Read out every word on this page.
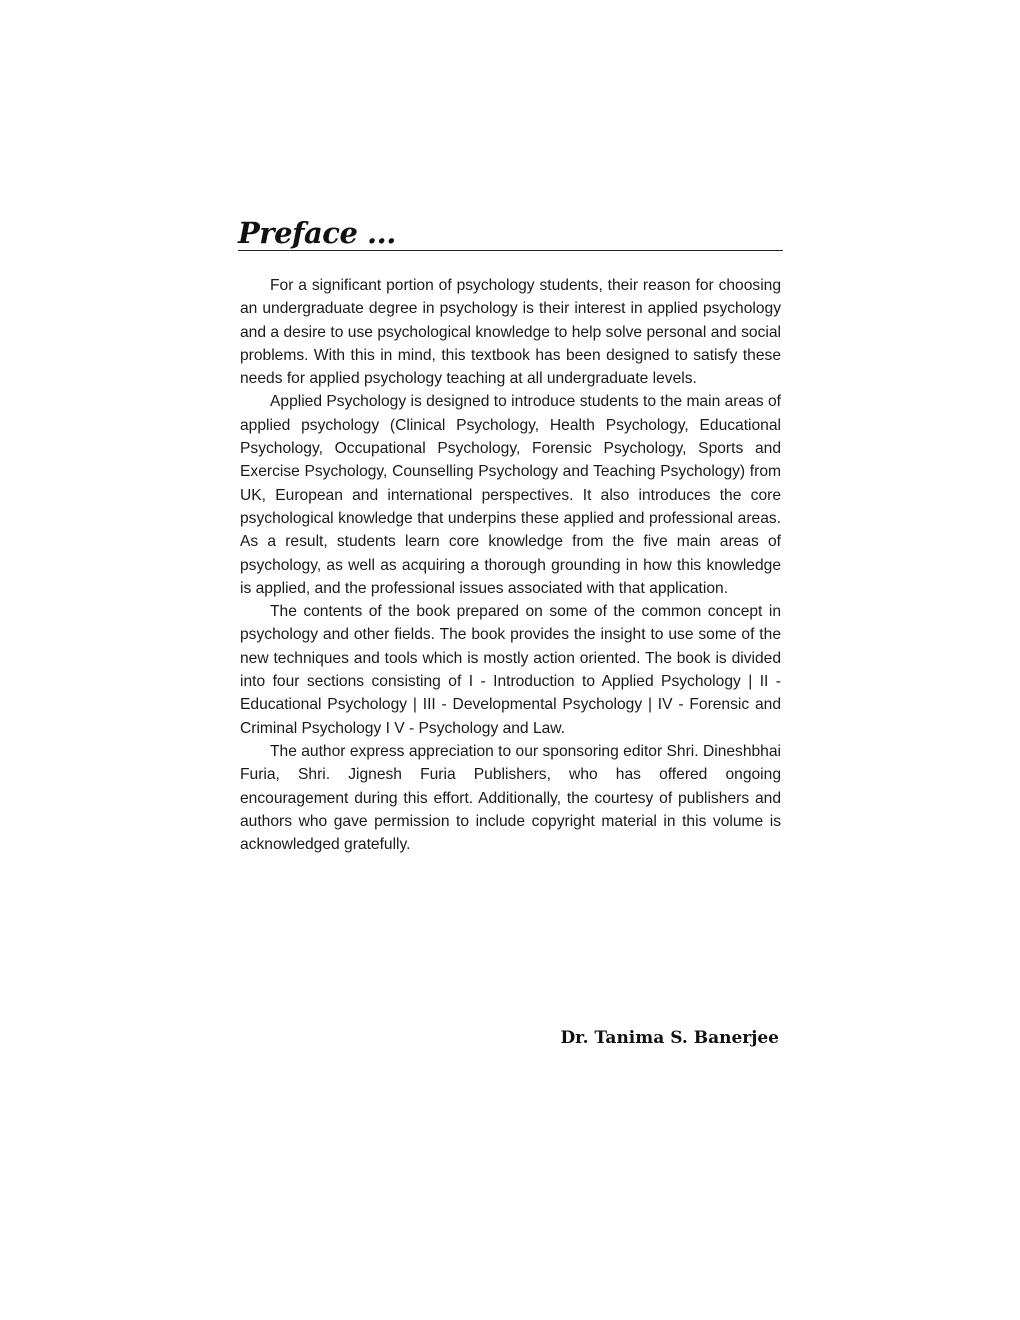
Preface ...

For a significant portion of psychology students, their reason for choosing an undergraduate degree in psychology is their interest in applied psychology and a desire to use psychological knowledge to help solve personal and social problems. With this in mind, this textbook has been designed to satisfy these needs for applied psychology teaching at all undergraduate levels.

Applied Psychology is designed to introduce students to the main areas of applied psychology (Clinical Psychology, Health Psychology, Educational Psychology, Occupational Psychology, Forensic Psychology, Sports and Exercise Psychology, Counselling Psychology and Teaching Psychology) from UK, European and international perspectives. It also introduces the core psychological knowledge that underpins these applied and professional areas. As a result, students learn core knowledge from the five main areas of psychology, as well as acquiring a thorough grounding in how this knowledge is applied, and the professional issues associated with that application.

The contents of the book prepared on some of the common concept in psychology and other fields. The book provides the insight to use some of the new techniques and tools which is mostly action oriented. The book is divided into four sections consisting of I - Introduction to Applied Psychology | II - Educational Psychology | III - Developmental Psychology | IV - Forensic and Criminal Psychology I V - Psychology and Law.

The author express appreciation to our sponsoring editor Shri. Dineshbhai Furia, Shri. Jignesh Furia Publishers, who has offered ongoing encouragement during this effort. Additionally, the courtesy of publishers and authors who gave permission to include copyright material in this volume is acknowledged gratefully.

Dr. Tanima S. Banerjee
